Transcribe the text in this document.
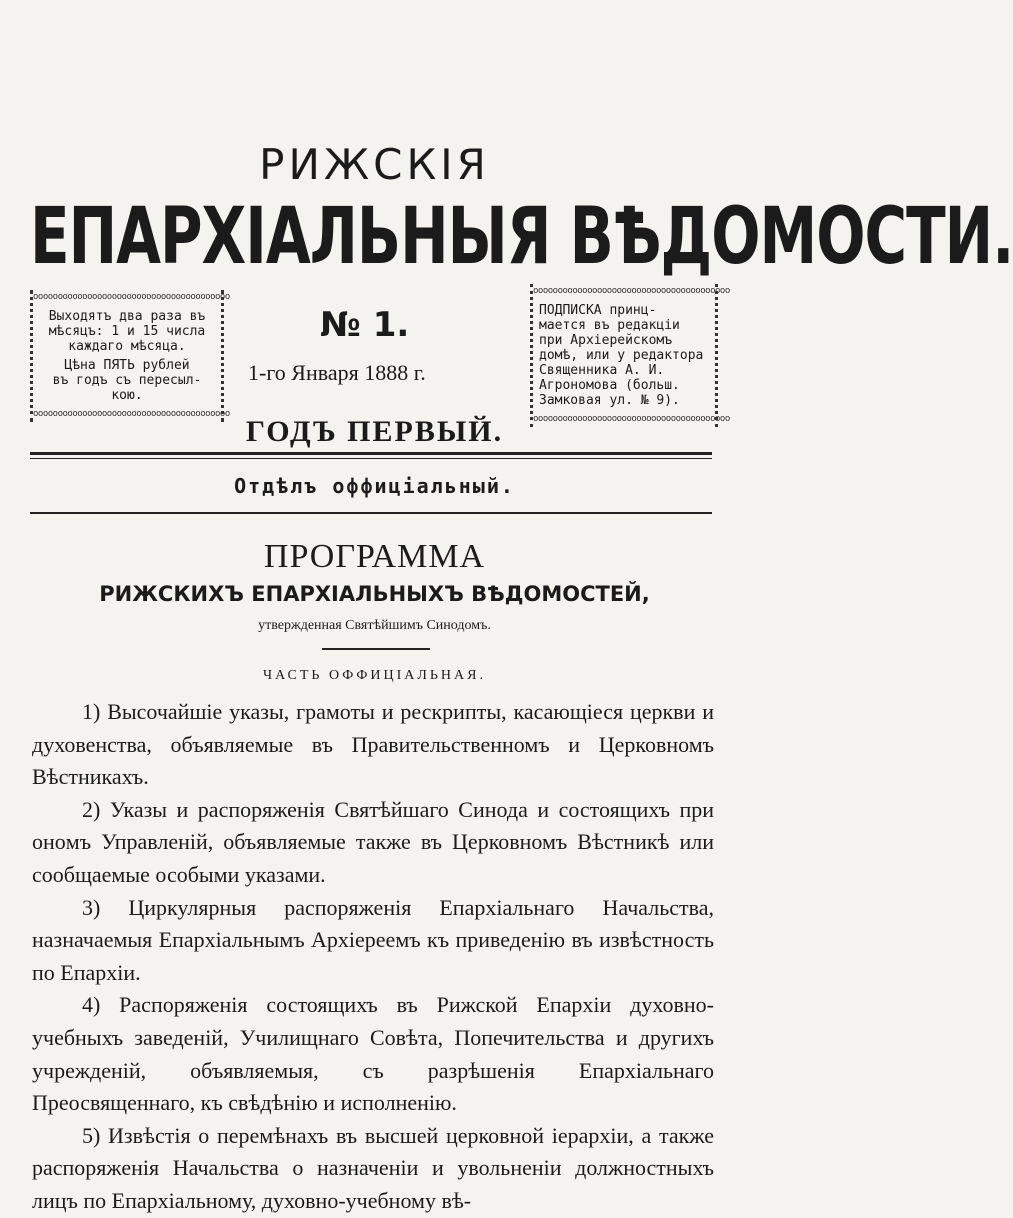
РИЖСКІЯ
ЕПАРХІАЛЬНЫЯ ВѢДОМОСТИ.
oooooooooooooooooooooooooooooooooooooooo
Выходятъ два раза въ
мѣсяцъ: 1 и 15 числа
каждаго мѣсяца.
Цѣна ПЯТЬ рублей
въ годъ съ пересыл-
кою.
oooooooooooooooooooooooooooooooooooooooo
№ 1.
1-го Января 1888 г.
oooooooooooooooooooooooooooooooooooooooo
ПОДПИСКА принц-
мается въ редакціи
при Архіерейскомъ
домѣ, или у редактора
Священника А. И.
Агрономова (больш.
Замковая ул. № 9).
oooooooooooooooooooooooooooooooooooooooo
ГОДЪ ПЕРВЫЙ.
Отдѣлъ оффиціальный.
ПРОГРАММА
РИЖСКИХЪ ЕПАРХІАЛЬНЫХЪ ВѢДОМОСТЕЙ,
утвержденная Святѣйшимъ Синодомъ.
ЧАСТЬ ОФФИЦІАЛЬНАЯ.

1) Высочайшіе указы, грамоты и рескрипты, касающіеся церкви и духовенства, объявляемые въ Правительственномъ и Церковномъ Вѣстникахъ.

2) Указы и распоряженія Святѣйшаго Синода и состоящихъ при онoмъ Управленій, объявляемые также въ Церковномъ Вѣстникѣ или сообщаемые особыми указами.

3) Циркулярныя распоряженія Епархіальнаго Начальства, назначаемыя Епархіальнымъ Архіереемъ къ приведенію въ извѣстность по Епархіи.

4) Распоряженія состоящихъ въ Рижской Епархіи духовно-учебныхъ заведеній, Училищнаго Совѣта, Попечительства и другихъ учрежденій, объявляемыя, съ разрѣшенія Епархіальнаго Преосвященнаго, къ свѣдѣнію и исполненію.

5) Извѣстія о перемѣнахъ въ высшей церковной іерархіи, а также распоряженія Начальства о назначеніи и увольненіи должностныхъ лицъ по Епархіальному, духовно-учебному вѣ-
